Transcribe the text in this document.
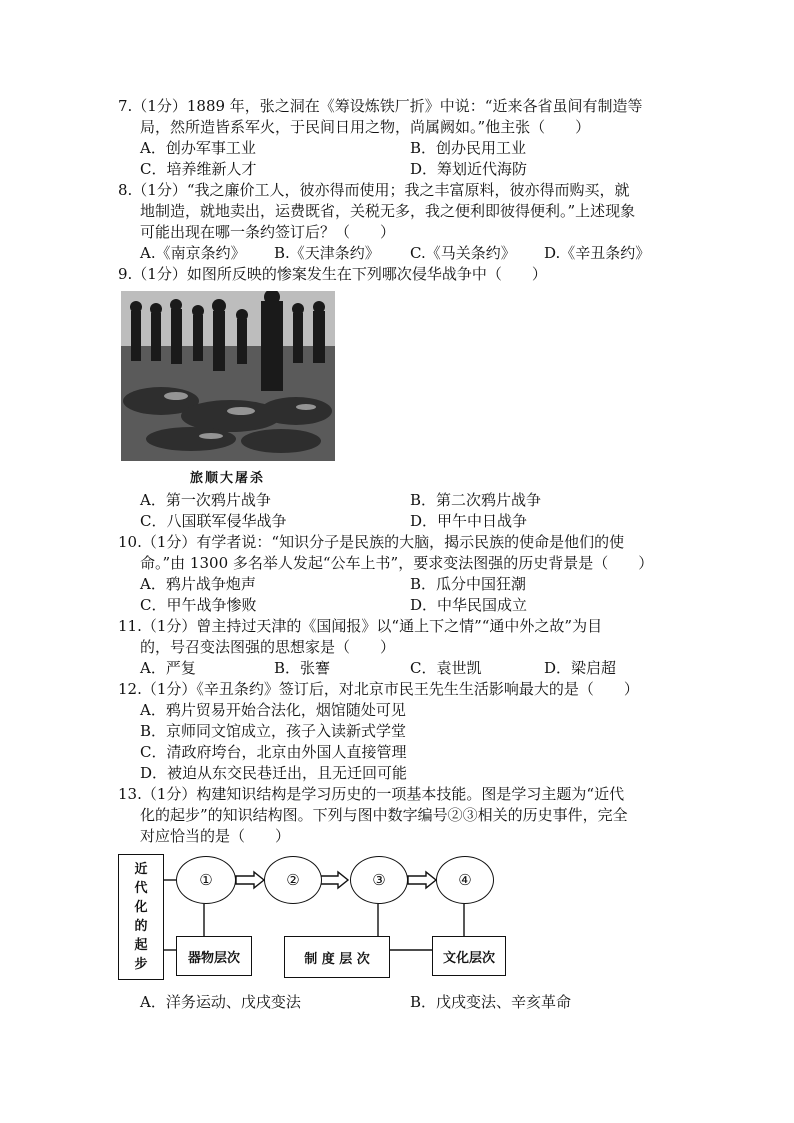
7.（1分）1889 年，张之洞在《筹设炼铁厂折》中说：“近来各省虽间有制造等
局，然所造皆系军火，于民间日用之物，尚属阙如。”他主张（　　）
A．创办军事工业	B．创办民用工业
C．培养维新人才	D．筹划近代海防
8.（1分）“我之廉价工人，彼亦得而使用；我之丰富原料，彼亦得而购买，就
地制造，就地卖出，运费既省，关税无多，我之便利即彼得便利。”上述现象
可能出现在哪一条约签订后？（　　）
A.《南京条约》 B.《天津条约》 C.《马关条约》 D.《辛丑条约》
9.（1分）如图所反映的惨案发生在下列哪次侵华战争中（　　）
旅顺大屠杀
A．第一次鸦片战争	B．第二次鸦片战争
C．八国联军侵华战争	D．甲午中日战争
10.（1分）有学者说：“知识分子是民族的大脑，揭示民族的使命是他们的使
命。”由 1300 多名举人发起“公车上书”，要求变法图强的历史背景是（　　）
A．鸦片战争炮声	B．瓜分中国狂潮
C．甲午战争惨败	D．中华民国成立
11.（1分）曾主持过天津的《国闻报》以“通上下之情”“通中外之故”为目
的，号召变法图强的思想家是（　　）
A．严复	B．张謇	C．袁世凯	D．梁启超
12.（1分）《辛丑条约》签订后，对北京市民王先生生活影响最大的是（　　）
A．鸦片贸易开始合法化，烟馆随处可见
B．京师同文馆成立，孩子入读新式学堂
C．清政府垮台，北京由外国人直接管理
D．被迫从东交民巷迁出，且无迁回可能
13.（1分）构建知识结构是学习历史的一项基本技能。图是学习主题为“近代
化的起步”的知识结构图。下列与图中数字编号②③相关的历史事件，完全
对应恰当的是（　　）
近
代
化
的
起
步
①	②	③	④
器物层次	制 度 层 次	文化层次
A．洋务运动、戊戌变法	B．戊戌变法、辛亥革命
